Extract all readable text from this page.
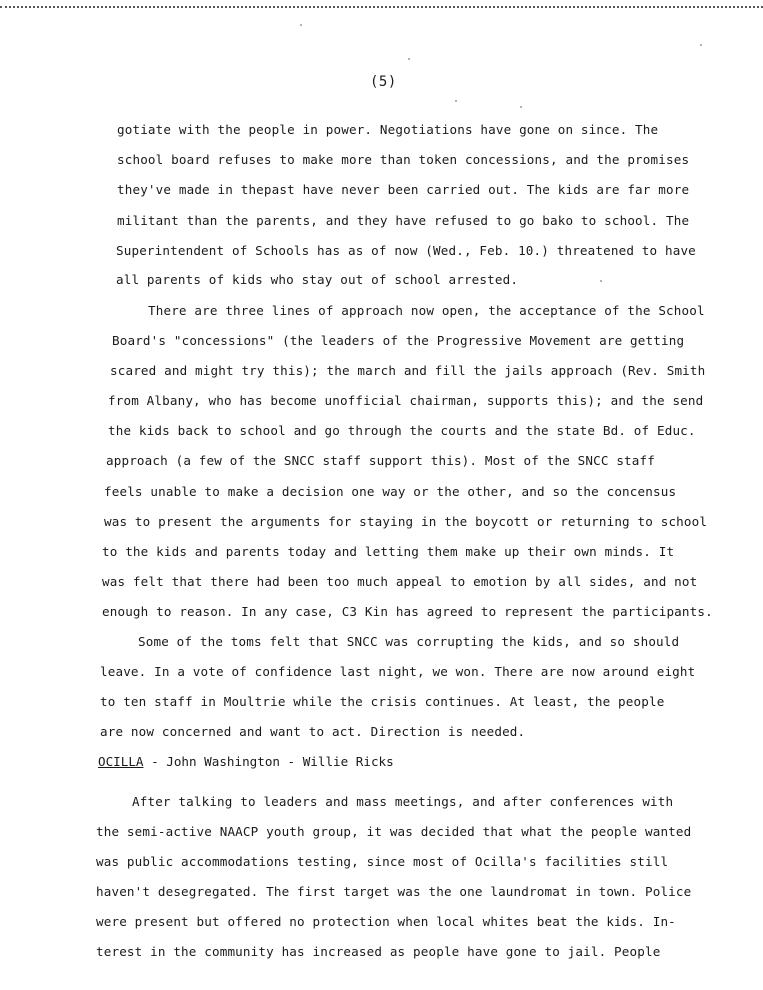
(5)
gotiate with the people in power. Negotiations have gone on since. The
school board refuses to make more than token concessions, and the promises
they've made in thepast have never been carried out. The kids are far more
militant than the parents, and they have refused to go bako to school. The
Superintendent of Schools has as of now (Wed., Feb. 10.) threatened to have
all parents of kids who stay out of school arrested.
There are three lines of approach now open, the acceptance of the School
Board's "concessions" (the leaders of the Progressive Movement are getting
scared and might try this); the march and fill the jails approach (Rev. Smith
from Albany, who has become unofficial chairman, supports this); and the send
the kids back to school and go through the courts and the state Bd. of Educ.
approach (a few of the SNCC staff support this). Most of the SNCC staff
feels unable to make a decision one way or the other, and so the concensus
was to present the arguments for staying in the boycott or returning to school
to the kids and parents today and letting them make up their own minds. It
was felt that there had been too much appeal to emotion by all sides, and not
enough to reason. In any case, C3 Kin has agreed to represent the participants.
Some of the toms felt that SNCC was corrupting the kids, and so should
leave. In a vote of confidence last night, we won. There are now around eight
to ten staff in Moultrie while the crisis continues. At least, the people
are now concerned and want to act. Direction is needed.
OCILLA - John Washington - Willie Ricks
After talking to leaders and mass meetings, and after conferences with
the semi-active NAACP youth group, it was decided that what the people wanted
was public accommodations testing, since most of Ocilla's facilities still
haven't desegregated. The first target was the one laundromat in town. Police
were present but offered no protection when local whites beat the kids. In-
terest in the community has increased as people have gone to jail. People
